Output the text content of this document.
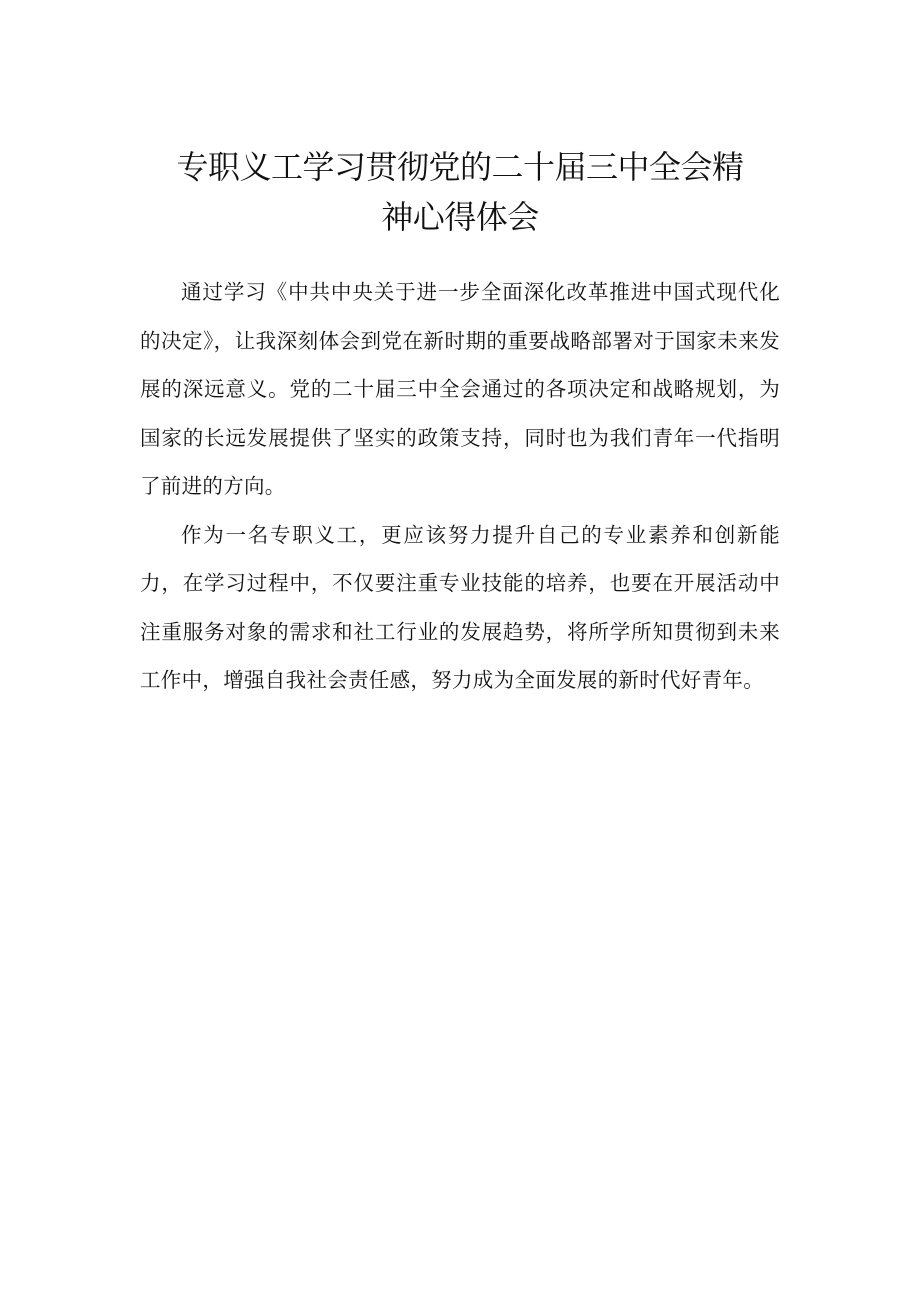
专职义工学习贯彻党的二十届三中全会精
神心得体会

通过学习《中共中央关于进一步全面深化改革推进中国式现代化的决定》，让我深刻体会到党在新时期的重要战略部署对于国家未来发展的深远意义。党的二十届三中全会通过的各项决定和战略规划，为国家的长远发展提供了坚实的政策支持，同时也为我们青年一代指明了前进的方向。

作为一名专职义工，更应该努力提升自己的专业素养和创新能力，在学习过程中，不仅要注重专业技能的培养，也要在开展活动中注重服务对象的需求和社工行业的发展趋势，将所学所知贯彻到未来工作中，增强自我社会责任感，努力成为全面发展的新时代好青年。
